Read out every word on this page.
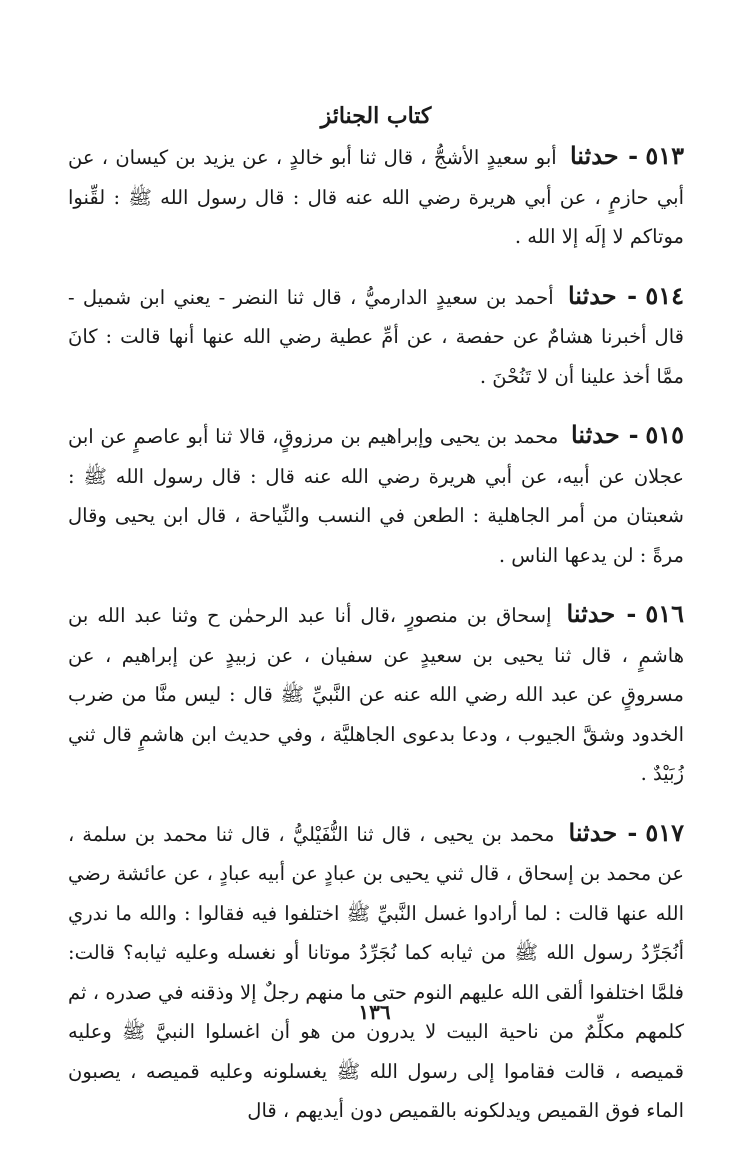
كتاب الجنائز

٥١٣ - حدثنا أبو سعيدٍ الأشجُّ ، قال ثنا أبو خالدٍ ، عن يزيد بن كيسان ، عن أبي حازمٍ ، عن أبي هريرة رضي الله عنه قال : قال رسول الله ﷺ : لقِّنوا موتاكم لا إلَه إلا الله .

٥١٤ - حدثنا أحمد بن سعيدٍ الدارميُّ ، قال ثنا النضر - يعني ابن شميل - قال أخبرنا هشامٌ عن حفصة ، عن أمِّ عطية رضي الله عنها أنها قالت : كانَ ممَّا أخذ علينا أن لا تَنُحْنَ .

٥١٥ - حدثنا محمد بن يحيى وإبراهيم بن مرزوقٍ، قالا ثنا أبو عاصمٍ عن ابن عجلان عن أبيه، عن أبي هريرة رضي الله عنه قال : قال رسول الله ﷺ : شعبتان من أمر الجاهلية : الطعن في النسب والنِّياحة ، قال ابن يحيى وقال مرةً : لن يدعها الناس .

٥١٦ - حدثنا إسحاق بن منصورٍ ،قال أنا عبد الرحمٰن ح وثنا عبد الله بن هاشمٍ ، قال ثنا يحيى بن سعيدٍ عن سفيان ، عن زبيدٍ عن إبراهيم ، عن مسروقٍ عن عبد الله رضي الله عنه عن النَّبيِّ ﷺ قال : ليس منَّا من ضرب الخدود وشقَّ الجيوب ، ودعا بدعوى الجاهليَّة ، وفي حديث ابن هاشمٍ قال ثني زُبَيْدٌ .

٥١٧ - حدثنا محمد بن يحيى ، قال ثنا النُّفَيْليُّ ، قال ثنا محمد بن سلمة ، عن محمد بن إسحاق ، قال ثني يحيى بن عبادٍ عن أبيه عبادٍ ، عن عائشة رضي الله عنها قالت : لما أرادوا غسل النَّبيِّ ﷺ اختلفوا فيه فقالوا : والله ما ندري أنُجَرِّدُ رسول الله ﷺ من ثيابه كما نُجَرِّدُ موتانا أو نغسله وعليه ثيابه؟ قالت: فلمَّا اختلفوا ألقى الله عليهم النوم حتى ما منهم رجلٌ إلا وذقنه في صدره ، ثم كلمهم مكلِّمٌ من ناحية البيت لا يدرون من هو أن اغسلوا النبيَّ ﷺ وعليه قميصه ، قالت فقاموا إلى رسول الله ﷺ يغسلونه وعليه قميصه ، يصبون الماء فوق القميص ويدلكونه بالقميص دون أيديهم ، قال

١٣٦
